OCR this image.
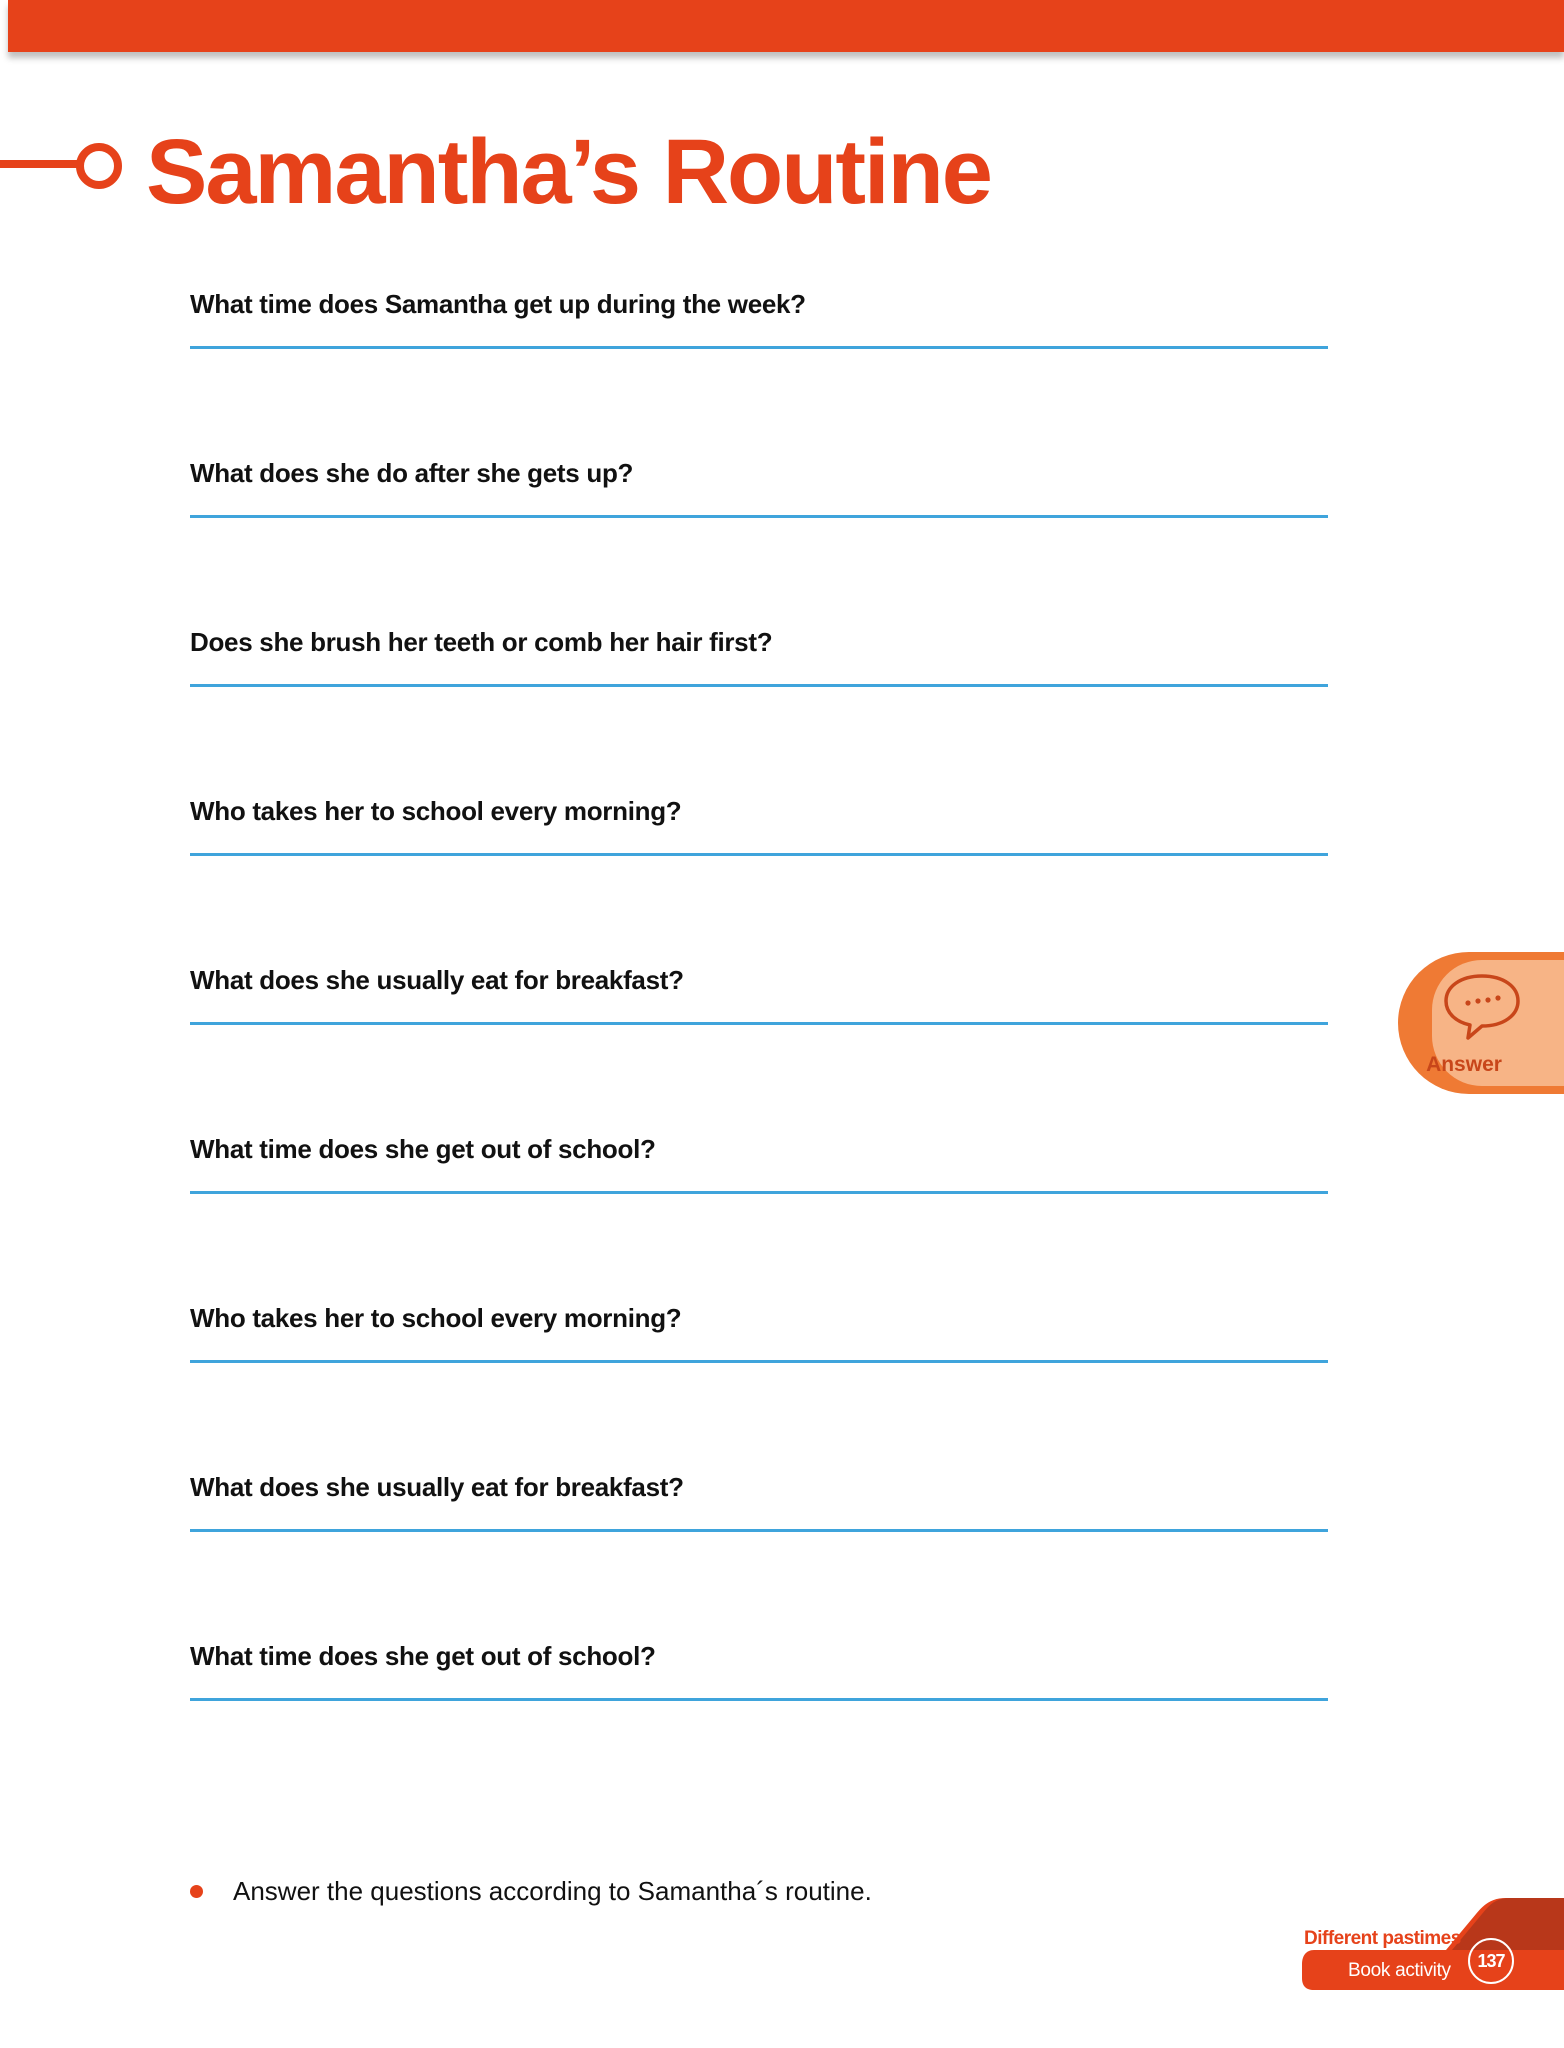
Samantha’s Routine
What time does Samantha get up during the week?
What does she do after she gets up?
Does she brush her teeth or comb her hair first?
Who takes her to school every morning?
What does she usually eat for breakfast?
What time does she get out of school?
Who takes her to school every morning?
What does she usually eat for breakfast?
What time does she get out of school?
Answer
Answer the questions according to Samantha´s routine.
Different pastimes
Book activity	137
